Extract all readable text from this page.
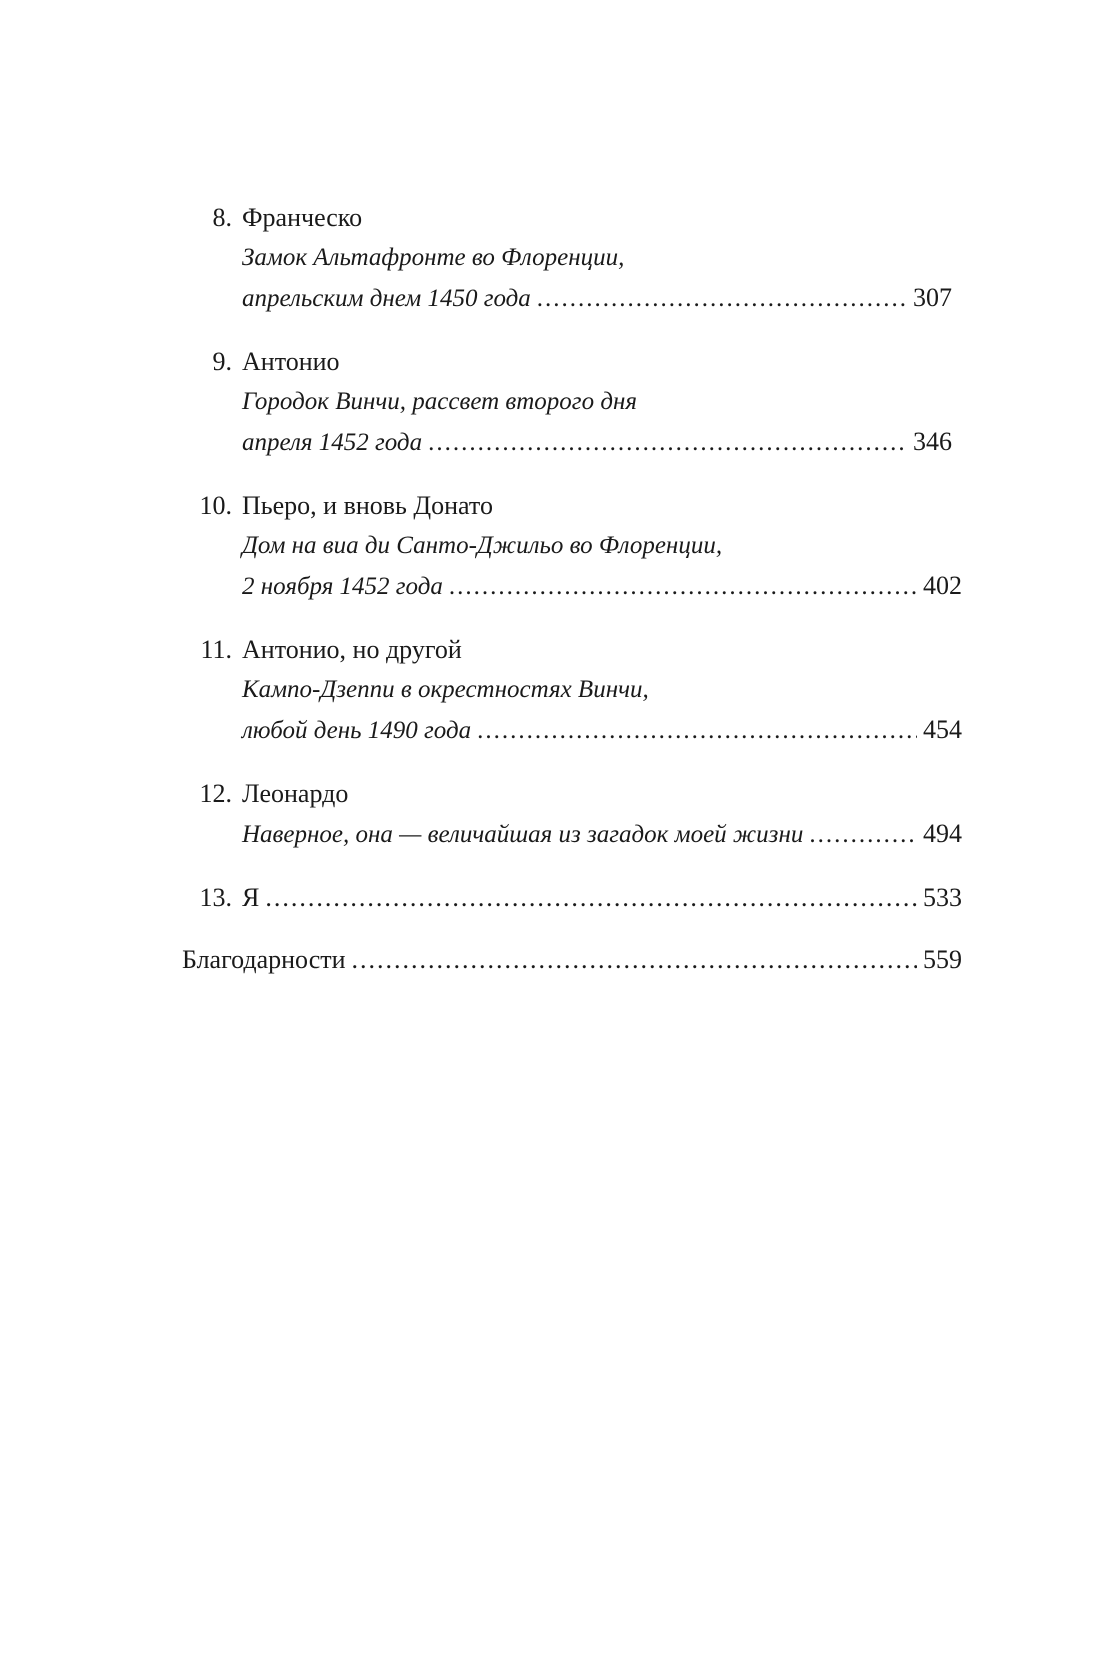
8. Франческо
Замок Альтафронте во Флоренции,
апрельским днем 1450 года .....	307
9. Антонио
Городок Винчи, рассвет второго дня
апреля 1452 года .....	346
10. Пьеро, и вновь Донато
Дом на виа ди Санто-Джильо во Флоренции,
2 ноября 1452 года .....	402
11. Антонио, но другой
Кампо-Дзеппи в окрестностях Винчи,
любой день 1490 года .....	454
12. Леонардо
Наверное, она — величайшая из загадок моей жизни .....	494
13. Я .....	533
Благодарности .....	559
